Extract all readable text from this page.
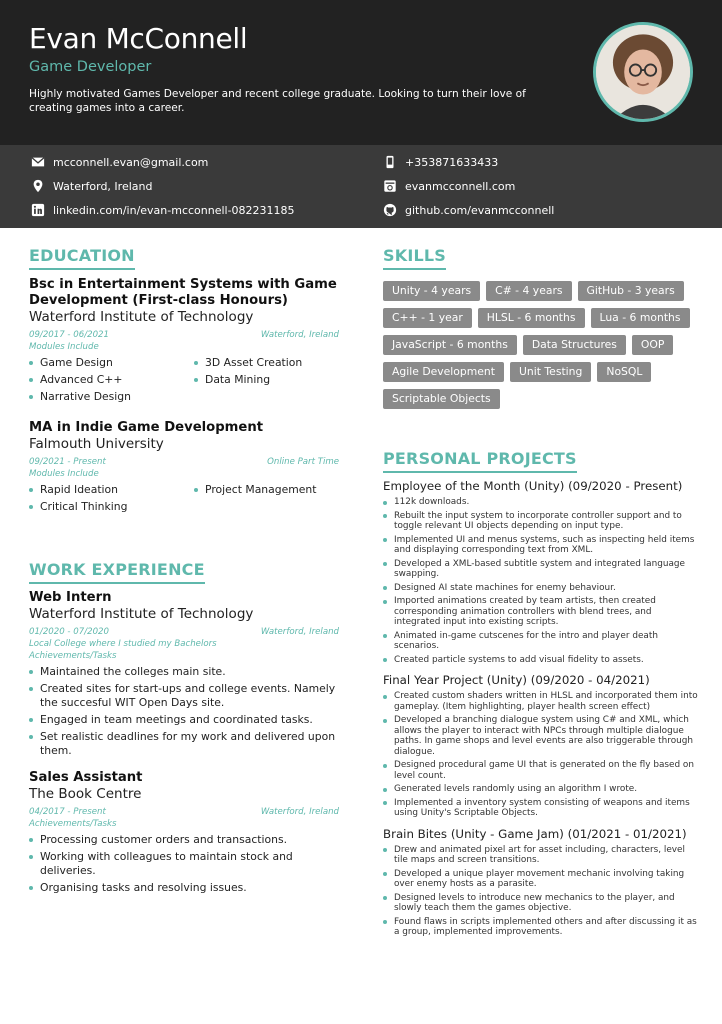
Evan McConnell
Game Developer
Highly motivated Games Developer and recent college graduate. Looking to turn their love of creating games into a career.
mcconnell.evan@gmail.com	+353871633433
Waterford, Ireland	evanmcconnell.com
linkedin.com/in/evan-mcconnell-082231185	github.com/evanmcconnell
EDUCATION
Bsc in Entertainment Systems with Game Development (First-class Honours)
Waterford Institute of Technology
09/2017 - 06/2021	Waterford, Ireland
Modules Include
Game Design	3D Asset Creation
Advanced C++	Data Mining
Narrative Design
MA in Indie Game Development
Falmouth University
09/2021 - Present	Online Part Time
Modules Include
Rapid Ideation	Project Management
Critical Thinking
WORK EXPERIENCE
Web Intern
Waterford Institute of Technology
01/2020 - 07/2020	Waterford, Ireland
Local College where I studied my Bachelors
Achievements/Tasks
Maintained the colleges main site.
Created sites for start-ups and college events. Namely the succesful WIT Open Days site.
Engaged in team meetings and coordinated tasks.
Set realistic deadlines for my work and delivered upon them.
Sales Assistant
The Book Centre
04/2017 - Present	Waterford, Ireland
Achievements/Tasks
Processing customer orders and transactions.
Working with colleagues to maintain stock and deliveries.
Organising tasks and resolving issues.
SKILLS
Unity - 4 years	C# - 4 years	GitHub - 3 years
C++ - 1 year	HLSL - 6 months	Lua - 6 months
JavaScript - 6 months	Data Structures	OOP
Agile Development	Unit Testing	NoSQL
Scriptable Objects
PERSONAL PROJECTS
Employee of the Month (Unity) (09/2020 - Present)
112k downloads.
Rebuilt the input system to incorporate controller support and to toggle relevant UI objects depending on input type.
Implemented UI and menus systems, such as inspecting held items and displaying corresponding text from XML.
Developed a XML-based subtitle system and integrated language swapping.
Designed AI state machines for enemy behaviour.
Imported animations created by team artists, then created corresponding animation controllers with blend trees, and integrated input into existing scripts.
Animated in-game cutscenes for the intro and player death scenarios.
Created particle systems to add visual fidelity to assets.
Final Year Project (Unity) (09/2020 - 04/2021)
Created custom shaders written in HLSL and incorporated them into gameplay. (Item highlighting, player health screen effect)
Developed a branching dialogue system using C# and XML, which allows the player to interact with NPCs through multiple dialogue paths. In game shops and level events are also triggerable through dialogue.
Designed procedural game UI that is generated on the fly based on level count.
Generated levels randomly using an algorithm I wrote.
Implemented a inventory system consisting of weapons and items using Unity's Scriptable Objects.
Brain Bites (Unity - Game Jam) (01/2021 - 01/2021)
Drew and animated pixel art for asset including, characters, level tile maps and screen transitions.
Developed a unique player movement mechanic involving taking over enemy hosts as a parasite.
Designed levels to introduce new mechanics to the player, and slowly teach them the games objective.
Found flaws in scripts implemented others and after discussing it as a group, implemented improvements.
